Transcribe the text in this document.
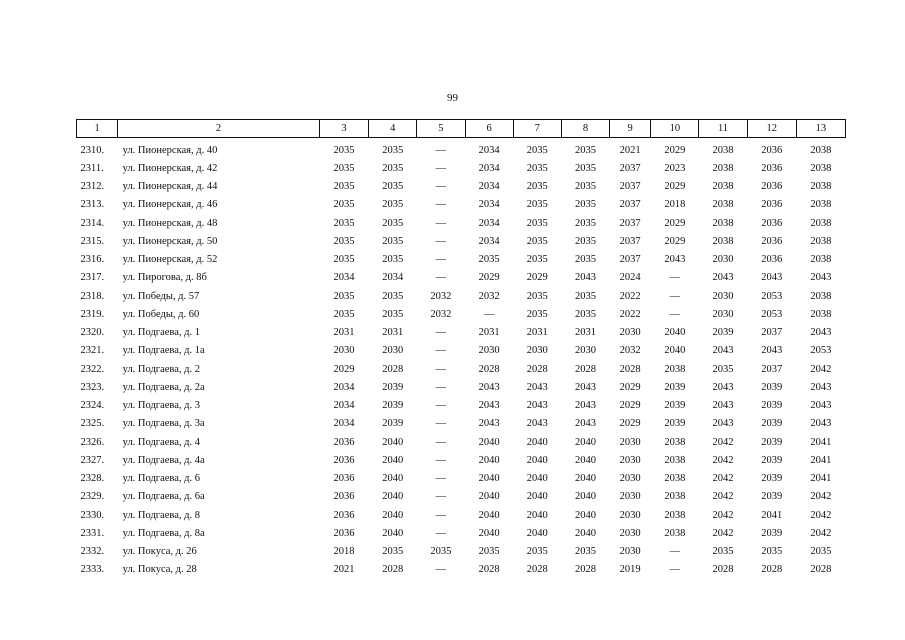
99
1	2	3	4	5	6	7	8	9	10	11	12	13
2310.	ул. Пионерская, д. 40	2035	2035	—	2034	2035	2035	2021	2029	2038	2036	2038
2311.	ул. Пионерская, д. 42	2035	2035	—	2034	2035	2035	2037	2023	2038	2036	2038
2312.	ул. Пионерская, д. 44	2035	2035	—	2034	2035	2035	2037	2029	2038	2036	2038
2313.	ул. Пионерская, д. 46	2035	2035	—	2034	2035	2035	2037	2018	2038	2036	2038
2314.	ул. Пионерская, д. 48	2035	2035	—	2034	2035	2035	2037	2029	2038	2036	2038
2315.	ул. Пионерская, д. 50	2035	2035	—	2034	2035	2035	2037	2029	2038	2036	2038
2316.	ул. Пионерская, д. 52	2035	2035	—	2035	2035	2035	2037	2043	2030	2036	2038
2317.	ул. Пирогова, д. 8б	2034	2034	—	2029	2029	2043	2024	—	2043	2043	2043
2318.	ул. Победы, д. 57	2035	2035	2032	2032	2035	2035	2022	—	2030	2053	2038
2319.	ул. Победы, д. 60	2035	2035	2032	—	2035	2035	2022	—	2030	2053	2038
2320.	ул. Подгаева, д. 1	2031	2031	—	2031	2031	2031	2030	2040	2039	2037	2043
2321.	ул. Подгаева, д. 1а	2030	2030	—	2030	2030	2030	2032	2040	2043	2043	2053
2322.	ул. Подгаева, д. 2	2029	2028	—	2028	2028	2028	2028	2038	2035	2037	2042
2323.	ул. Подгаева, д. 2а	2034	2039	—	2043	2043	2043	2029	2039	2043	2039	2043
2324.	ул. Подгаева, д. 3	2034	2039	—	2043	2043	2043	2029	2039	2043	2039	2043
2325.	ул. Подгаева, д. 3а	2034	2039	—	2043	2043	2043	2029	2039	2043	2039	2043
2326.	ул. Подгаева, д. 4	2036	2040	—	2040	2040	2040	2030	2038	2042	2039	2041
2327.	ул. Подгаева, д. 4а	2036	2040	—	2040	2040	2040	2030	2038	2042	2039	2041
2328.	ул. Подгаева, д. 6	2036	2040	—	2040	2040	2040	2030	2038	2042	2039	2041
2329.	ул. Подгаева, д. 6а	2036	2040	—	2040	2040	2040	2030	2038	2042	2039	2042
2330.	ул. Подгаева, д. 8	2036	2040	—	2040	2040	2040	2030	2038	2042	2041	2042
2331.	ул. Подгаева, д. 8а	2036	2040	—	2040	2040	2040	2030	2038	2042	2039	2042
2332.	ул. Покуса, д. 26	2018	2035	2035	2035	2035	2035	2030	—	2035	2035	2035
2333.	ул. Покуса, д. 28	2021	2028	—	2028	2028	2028	2019	—	2028	2028	2028
